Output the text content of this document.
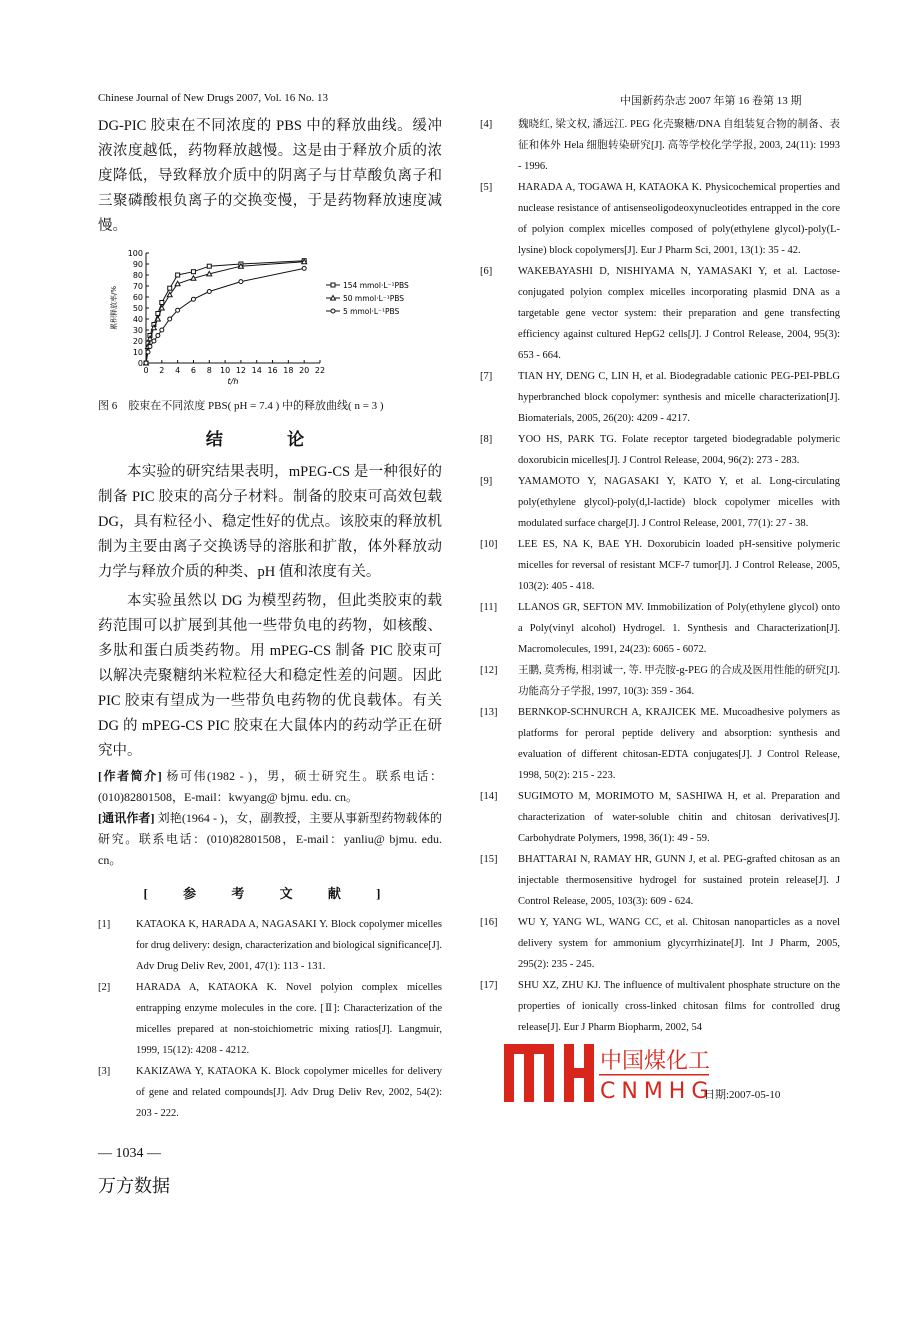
Chinese Journal of New Drugs 2007, Vol. 16 No. 13	中国新药杂志 2007 年第 16 卷第 13 期

DG-PIC 胶束在不同浓度的 PBS 中的释放曲线。缓冲液浓度越低，药物释放越慢。这是由于释放介质的浓度降低，导致释放介质中的阴离子与甘草酸负离子和三聚磷酸根负离子的交换变慢，于是药物释放速度减慢。

0 2 4 6 8 10 12 14 16 18 20 22
0
10
20
30
40
50
60
70
80
90
100
t/h
累积释放率/%
154 mmol·L⁻¹PBS
50 mmol·L⁻¹PBS
5 mmol·L⁻¹PBS
图 6　胶束在不同浓度 PBS( pH = 7.4 ) 中的释放曲线( n = 3 )
结 论

本实验的研究结果表明，mPEG-CS 是一种很好的制备 PIC 胶束的高分子材料。制备的胶束可高效包载 DG，具有粒径小、稳定性好的优点。该胶束的释放机制为主要由离子交换诱导的溶胀和扩散，体外释放动力学与释放介质的种类、pH 值和浓度有关。

本实验虽然以 DG 为模型药物，但此类胶束的载药范围可以扩展到其他一些带负电的药物，如核酸、多肽和蛋白质类药物。用 mPEG-CS 制备 PIC 胶束可以解决壳聚糖纳米粒粒径大和稳定性差的问题。因此 PIC 胶束有望成为一些带负电药物的优良载体。有关 DG 的 mPEG-CS PIC 胶束在大鼠体内的药动学正在研究中。

[作者简介] 杨可伟(1982 - )，男，硕士研究生。联系电话：(010)82801508，E-mail：kwyang@ bjmu. edu. cn。

[通讯作者] 刘艳(1964 - )，女，副教授，主要从事新型药物载体的研究。联系电话：(010)82801508，E-mail：yanliu@ bjmu. edu. cn。

[ 参 考 文 献 ]
[1]	KATAOKA K, HARADA A, NAGASAKI Y. Block copolymer micelles for drug delivery: design, characterization and biological significance[J]. Adv Drug Deliv Rev, 2001, 47(1): 113 - 131.
[2]	HARADA A, KATAOKA K. Novel polyion complex micelles entrapping enzyme molecules in the core. [Ⅱ]: Characterization of the micelles prepared at non-stoichiometric mixing ratios[J]. Langmuir, 1999, 15(12): 4208 - 4212.
[3]	KAKIZAWA Y, KATAOKA K. Block copolymer micelles for delivery of gene and related compounds[J]. Adv Drug Deliv Rev, 2002, 54(2): 203 - 222.
— 1034 —
万方数据
[4]	魏晓红, 梁文权, 潘远江. PEG 化壳聚糖/DNA 自组装复合物的制备、表征和体外 Hela 细胞转染研究[J]. 高等学校化学学报, 2003, 24(11): 1993 - 1996.
[5]	HARADA A, TOGAWA H, KATAOKA K. Physicochemical properties and nuclease resistance of antisenseoligodeoxynucleotides entrapped in the core of polyion complex micelles composed of poly(ethylene glycol)-poly(L-lysine) block copolymers[J]. Eur J Pharm Sci, 2001, 13(1): 35 - 42.
[6]	WAKEBAYASHI D, NISHIYAMA N, YAMASAKI Y, et al. Lactose-conjugated polyion complex micelles incorporating plasmid DNA as a targetable gene vector system: their preparation and gene transfecting efficiency against cultured HepG2 cells[J]. J Control Release, 2004, 95(3): 653 - 664.
[7]	TIAN HY, DENG C, LIN H, et al. Biodegradable cationic PEG-PEI-PBLG hyperbranched block copolymer: synthesis and micelle characterization[J]. Biomaterials, 2005, 26(20): 4209 - 4217.
[8]	YOO HS, PARK TG. Folate receptor targeted biodegradable polymeric doxorubicin micelles[J]. J Control Release, 2004, 96(2): 273 - 283.
[9]	YAMAMOTO Y, NAGASAKI Y, KATO Y, et al. Long-circulating poly(ethylene glycol)-poly(d,l-lactide) block copolymer micelles with modulated surface charge[J]. J Control Release, 2001, 77(1): 27 - 38.
[10]	LEE ES, NA K, BAE YH. Doxorubicin loaded pH-sensitive polymeric micelles for reversal of resistant MCF-7 tumor[J]. J Control Release, 2005, 103(2): 405 - 418.
[11]	LLANOS GR, SEFTON MV. Immobilization of Poly(ethylene glycol) onto a Poly(vinyl alcohol) Hydrogel. 1. Synthesis and Characterization[J]. Macromolecules, 1991, 24(23): 6065 - 6072.
[12]	王鹏, 莫秀梅, 相羽诚一, 等. 甲壳胺-g-PEG 的合成及医用性能的研究[J]. 功能高分子学报, 1997, 10(3): 359 - 364.
[13]	BERNKOP-SCHNURCH A, KRAJICEK ME. Mucoadhesive polymers as platforms for peroral peptide delivery and absorption: synthesis and evaluation of different chitosan-EDTA conjugates[J]. J Control Release, 1998, 50(2): 215 - 223.
[14]	SUGIMOTO M, MORIMOTO M, SASHIWA H, et al. Preparation and characterization of water-soluble chitin and chitosan derivatives[J]. Carbohydrate Polymers, 1998, 36(1): 49 - 59.
[15]	BHATTARAI N, RAMAY HR, GUNN J, et al. PEG-grafted chitosan as an injectable thermosensitive hydrogel for sustained protein release[J]. J Control Release, 2005, 103(3): 609 - 624.
[16]	WU Y, YANG WL, WANG CC, et al. Chitosan nanoparticles as a novel delivery system for ammonium glycyrrhizinate[J]. Int J Pharm, 2005, 295(2): 235 - 245.
[17]	SHU XZ, ZHU KJ. The influence of multivalent phosphate structure on the properties of ionically cross-linked chitosan films for controlled drug release[J]. Eur J Pharm Biopharm, 2002, 54
中国煤化工
CNMHG
日期:2007-05-10
